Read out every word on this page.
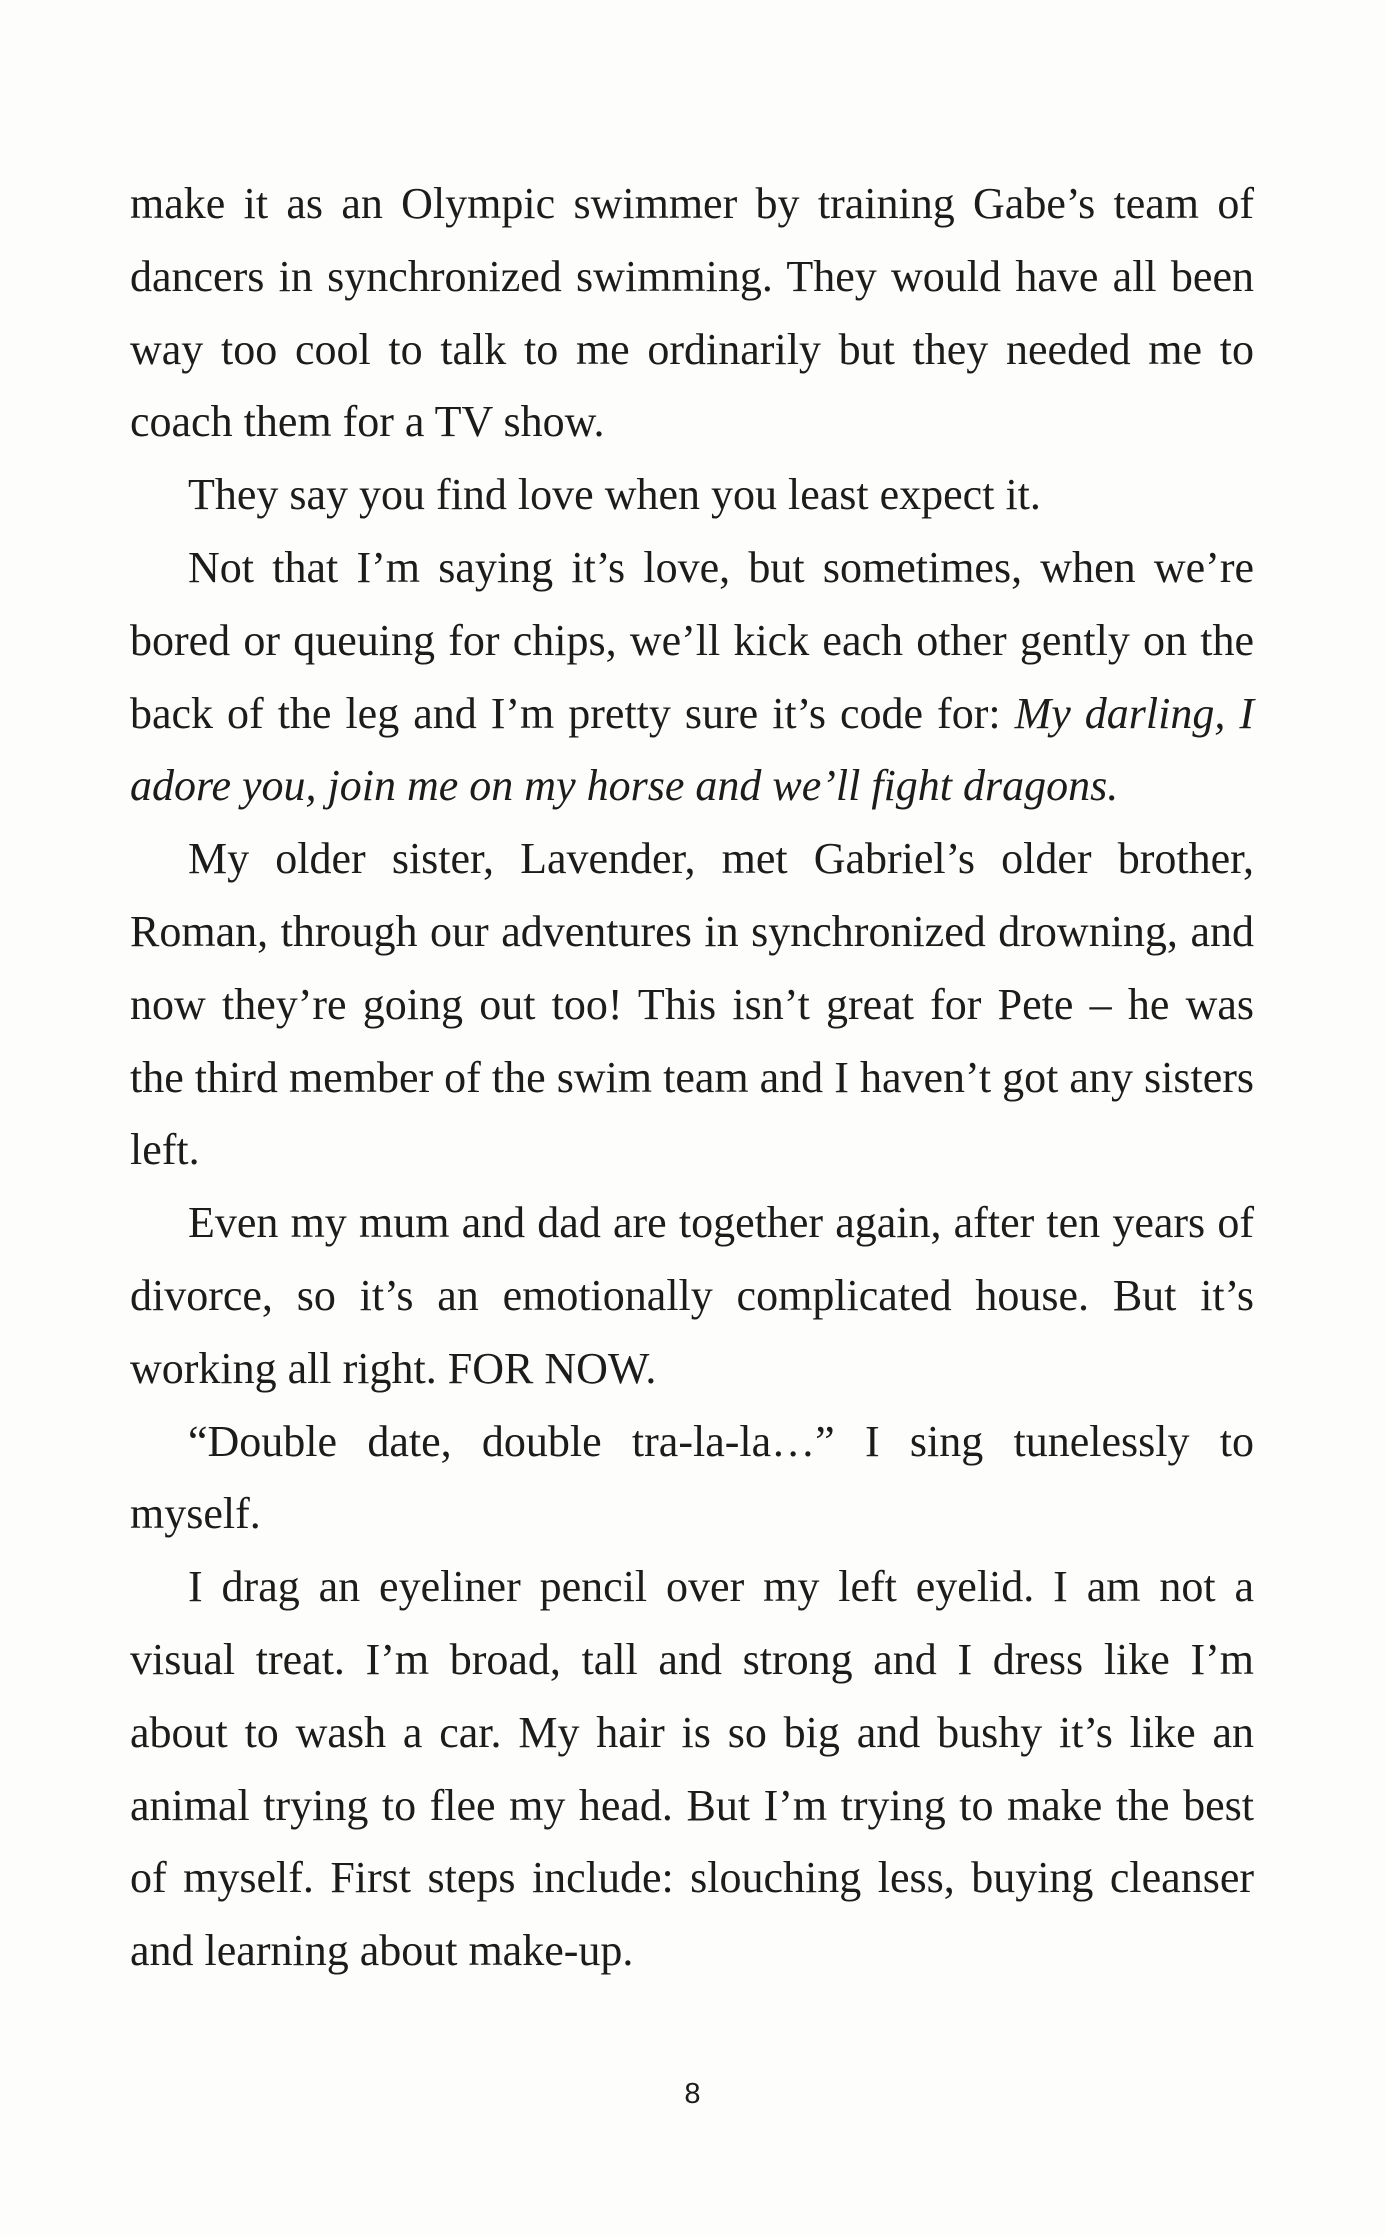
make it as an Olympic swimmer by training Gabe’s team of dancers in synchronized swimming. They would have all been way too cool to talk to me ordinarily but they needed me to coach them for a TV show.

They say you find love when you least expect it.

Not that I’m saying it’s love, but sometimes, when we’re bored or queuing for chips, we’ll kick each other gently on the back of the leg and I’m pretty sure it’s code for: My darling, I adore you, join me on my horse and we’ll fight dragons.

My older sister, Lavender, met Gabriel’s older brother, Roman, through our adventures in synchronized drowning, and now they’re going out too! This isn’t great for Pete – he was the third member of the swim team and I haven’t got any sisters left.

Even my mum and dad are together again, after ten years of divorce, so it’s an emotionally complicated house. But it’s working all right. FOR NOW.

“Double date, double tra-la-la…” I sing tunelessly to myself.

I drag an eyeliner pencil over my left eyelid. I am not a visual treat. I’m broad, tall and strong and I dress like I’m about to wash a car. My hair is so big and bushy it’s like an animal trying to flee my head. But I’m trying to make the best of myself. First steps include: slouching less, buying cleanser and learning about make-up.

8
